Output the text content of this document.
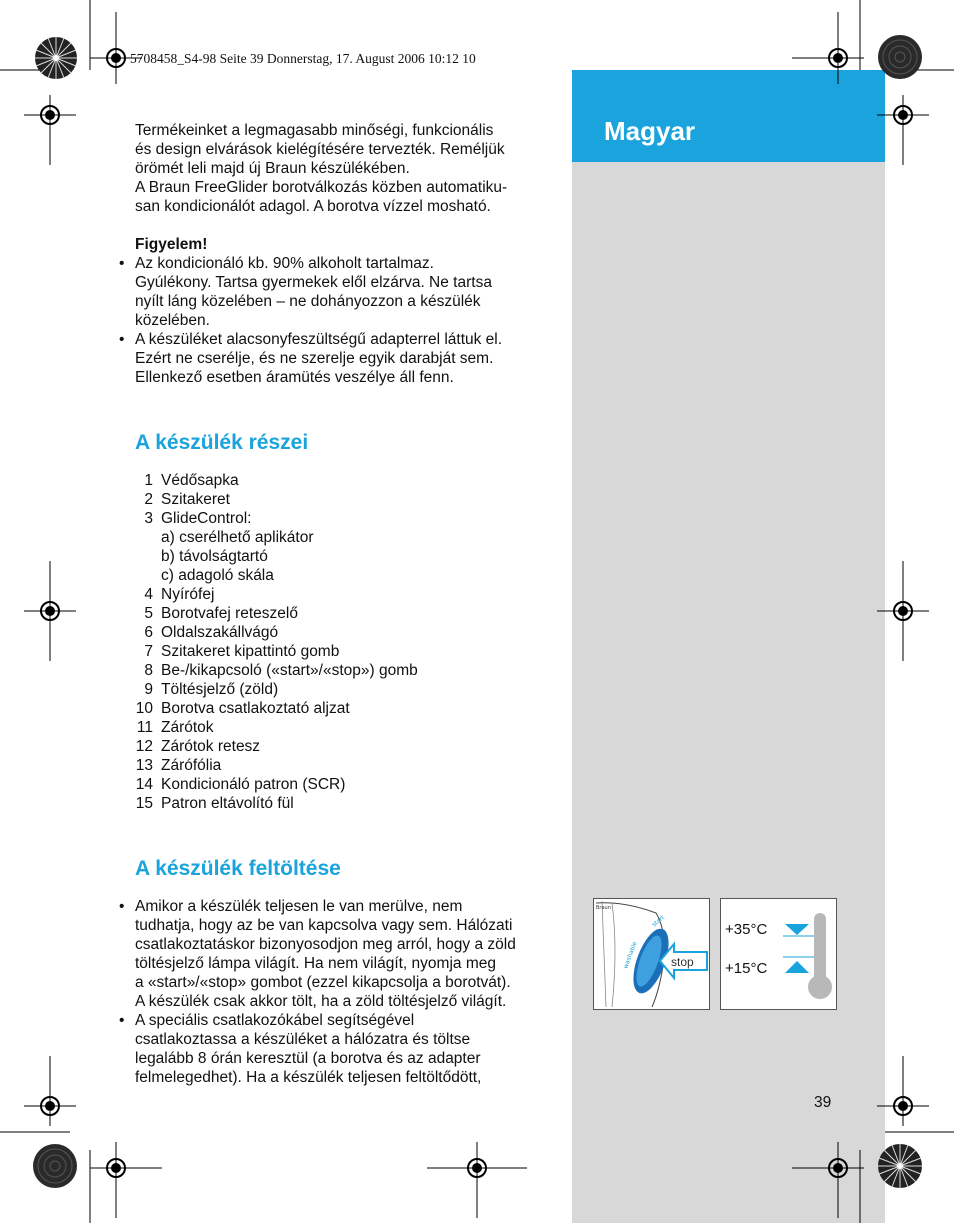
Magyar
5708458_S4-98 Seite 39 Donnerstag, 17. August 2006 10:12 10

Termékeinket a legmagasabb minőségi, funkcionális

és design elvárások kielégítésére tervezték. Reméljük

örömét leli majd új Braun készülékében.

A Braun FreeGlider borotválkozás közben automatiku-

san kondicionálót adagol. A borotva vízzel mosható.

Figyelem!

• Az kondicionáló kb. 90% alkoholt tartalmaz.

Gyúlékony. Tartsa gyermekek elől elzárva. Ne tartsa

nyílt láng közelében – ne dohányozzon a készülék

közelében.

• A készüléket alacsonyfeszültségű adapterrel láttuk el.

Ezért ne cserélje, és ne szerelje egyik darabját sem.

Ellenkező esetben áramütés veszélye áll fenn.

A készülék részei
1 Védősapka
2 Szitakeret
3 GlideControl:
a) cserélhető aplikátor
b) távolságtartó
c) adagoló skála
4 Nyírófej
5 Borotvafej reteszelő
6 Oldalszakállvágó
7 Szitakeret kipattintó gomb
8 Be-/kikapcsoló («start»/«stop») gomb
9 Töltésjelző (zöld)
10 Borotva csatlakoztató aljzat
11 Zárótok
12 Zárótok retesz
13 Zárófólia
14 Kondicionáló patron (SCR)
15 Patron eltávolító fül
A készülék feltöltése
• Amikor a készülék teljesen le van merülve, nem

tudhatja, hogy az be van kapcsolva vagy sem. Hálózati

csatlakoztatáskor bizonyosodjon meg arról, hogy a zöld

töltésjelző lámpa világít. Ha nem világít, nyomja meg

a «start»/«stop» gombot (ezzel kikapcsolja a borotvát).

A készülék csak akkor tölt, ha a zöld töltésjelző világít.

• A speciális csatlakozókábel segítségével

csatlakoztassa a készüléket a hálózatra és töltse

legalább 8 órán keresztül (a borotva és az adapter

felmelegedhet). Ha a készülék teljesen feltöltődött,

Braun
washable
start
stop
+35°C
+15°C
39
